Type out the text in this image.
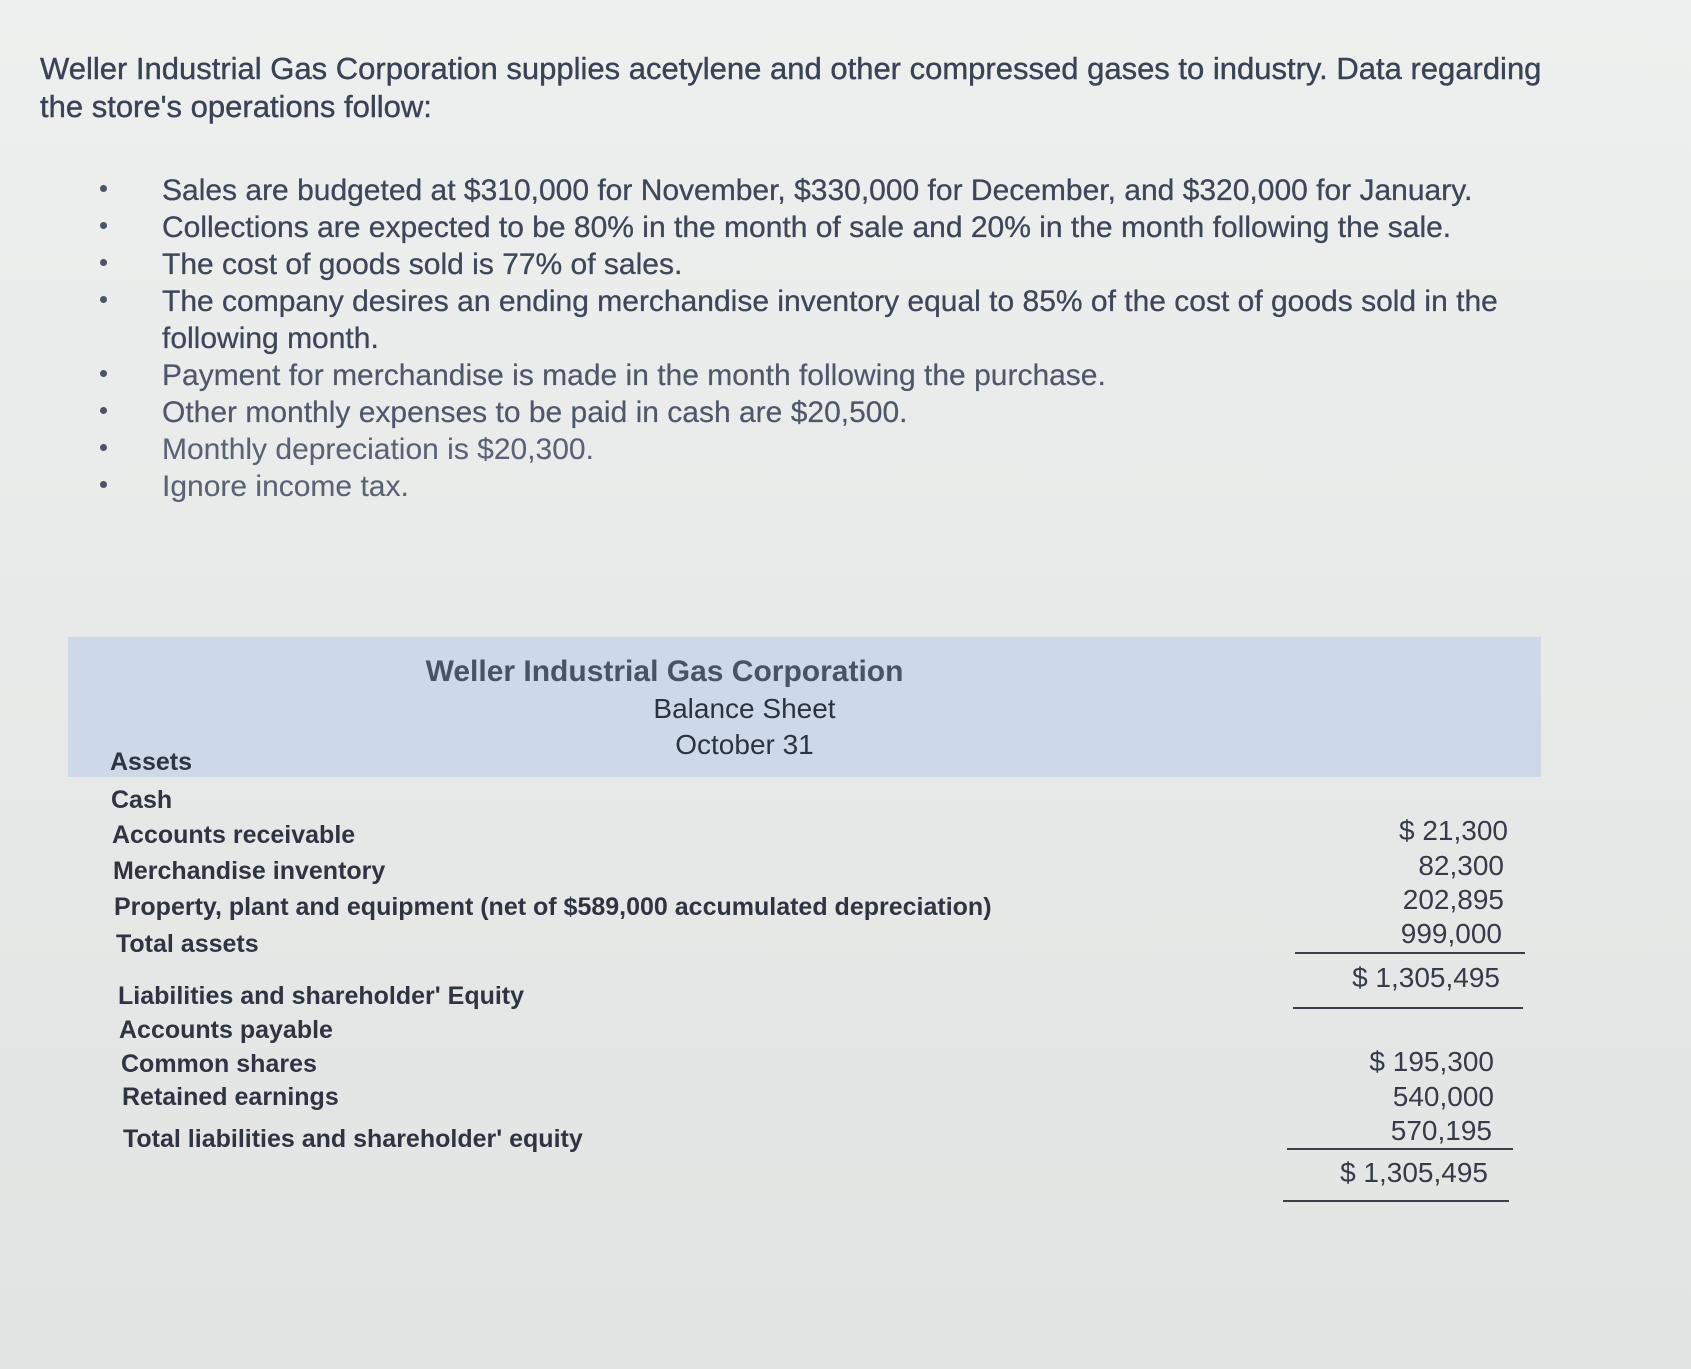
Weller Industrial Gas Corporation supplies acetylene and other compressed gases to industry. Data regarding the store's operations follow:
Sales are budgeted at $310,000 for November, $330,000 for December, and $320,000 for January.
Collections are expected to be 80% in the month of sale and 20% in the month following the sale.
The cost of goods sold is 77% of sales.
The company desires an ending merchandise inventory equal to 85% of the cost of goods sold in the following month.
Payment for merchandise is made in the month following the purchase.
Other monthly expenses to be paid in cash are $20,500.
Monthly depreciation is $20,300.
Ignore income tax.
Weller Industrial Gas Corporation
Balance Sheet
October 31
Assets
Cash
Accounts receivable
Merchandise inventory
Property, plant and equipment (net of $589,000 accumulated depreciation)
Total assets
$ 21,300
82,300
202,895
999,000
$ 1,305,495
Liabilities and shareholder' Equity
Accounts payable
Common shares
Retained earnings
Total liabilities and shareholder' equity
$ 195,300
540,000
570,195
$ 1,305,495
